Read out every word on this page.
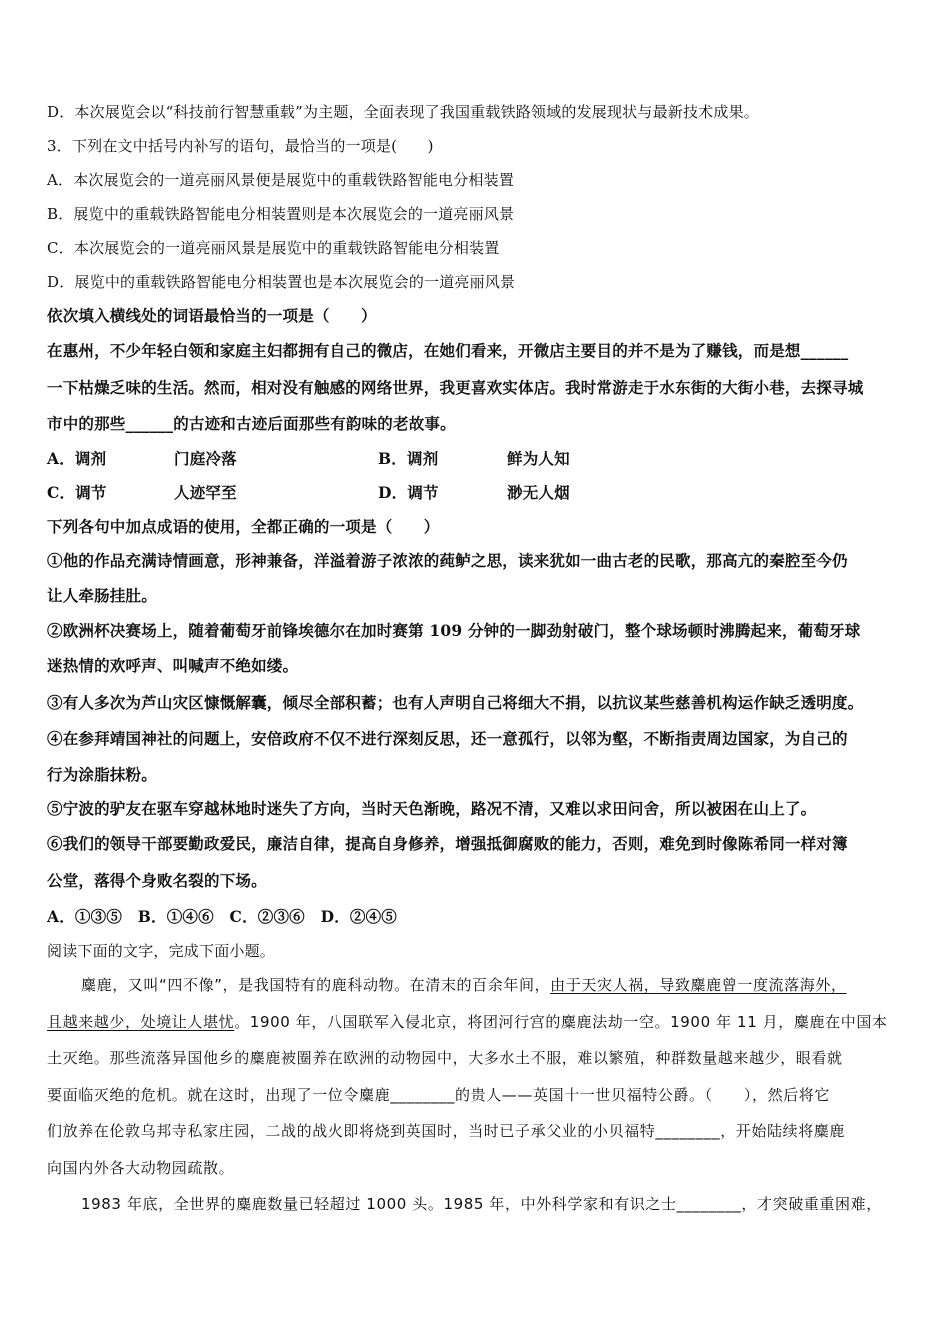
D．本次展览会以“科技前行智慧重载”为主题，全面表现了我国重载铁路领域的发展现状与最新技术成果。
3．下列在文中括号内补写的语句，最恰当的一项是(　　)
A．本次展览会的一道亮丽风景便是展览中的重载铁路智能电分相装置
B．展览中的重载铁路智能电分相装置则是本次展览会的一道亮丽风景
C．本次展览会的一道亮丽风景是展览中的重载铁路智能电分相装置
D．展览中的重载铁路智能电分相装置也是本次展览会的一道亮丽风景
依次填入横线处的词语最恰当的一项是（　　）
在惠州，不少年轻白领和家庭主妇都拥有自己的微店，在她们看来，开微店主要目的并不是为了赚钱，而是想______
一下枯燥乏味的生活。然而，相对没有触感的网络世界，我更喜欢实体店。我时常游走于水东街的大街小巷，去探寻城
市中的那些______的古迹和古迹后面那些有韵味的老故事。
A．调剂	门庭冷落	B．调剂	鲜为人知
C．调节	人迹罕至	D．调节	渺无人烟
下列各句中加点成语的使用，全都正确的一项是（　　）
①他的作品充满诗情画意，形神兼备，洋溢着游子浓浓的莼鲈之思，读来犹如一曲古老的民歌，那高亢的秦腔至今仍
让人牵肠挂肚。
②欧洲杯决赛场上，随着葡萄牙前锋埃德尔在加时赛第 109 分钟的一脚劲射破门，整个球场顿时沸腾起来，葡萄牙球
迷热情的欢呼声、叫喊声不绝如缕。
③有人多次为芦山灾区慷慨解囊，倾尽全部积蓄；也有人声明自己将细大不捐，以抗议某些慈善机构运作缺乏透明度。
④在参拜靖国神社的问题上，安倍政府不仅不进行深刻反思，还一意孤行，以邻为壑，不断指责周边国家，为自己的
行为涂脂抹粉。
⑤宁波的驴友在驱车穿越林地时迷失了方向，当时天色渐晚，路况不清，又难以求田问舍，所以被困在山上了。
⑥我们的领导干部要勤政爱民，廉洁自律，提高自身修养，增强抵御腐败的能力，否则，难免到时像陈希同一样对簿
公堂，落得个身败名裂的下场。
A．①③⑤　B．①④⑥　C．②③⑥　D．②④⑤
阅读下面的文字，完成下面小题。
麋鹿，又叫“四不像”，是我国特有的鹿科动物。在清末的百余年间，由于天灾人祸，导致麋鹿曾一度流落海外，
且越来越少，处境让人堪忧。1900 年，八国联军入侵北京，将团河行宫的麋鹿法劫一空。1900 年 11 月，麋鹿在中国本
土灭绝。那些流落异国他乡的麋鹿被圈养在欧洲的动物园中，大多水土不服，难以繁殖，种群数量越来越少，眼看就
要面临灭绝的危机。就在这时，出现了一位令麋鹿________的贵人——英国十一世贝福特公爵。（　　），然后将它
们放养在伦敦乌邦寺私家庄园，二战的战火即将烧到英国时，当时已子承父业的小贝福特________，开始陆续将麋鹿
向国内外各大动物园疏散。
1983 年底，全世界的麋鹿数量已轻超过 1000 头。1985 年，中外科学家和有识之士________，才突破重重困难，
